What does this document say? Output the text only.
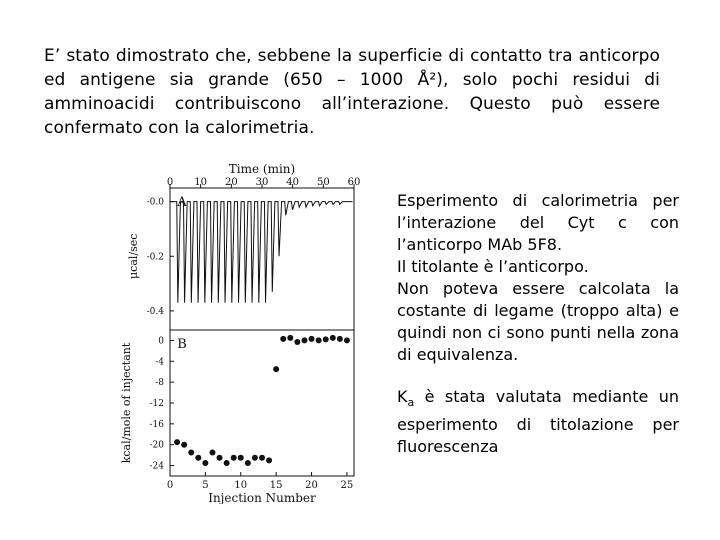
E’ stato dimostrato che, sebbene la superficie di contatto tra anticorpo ed antigene sia grande (650 – 1000 Å²), solo pochi residui di amminoacidi contribuiscono all’interazione. Questo può essere confermato con la calorimetria.
Time (min)
0 10 20 30 40 50 60
-0.0
-0.2
-0.4
A
μcal/sec
0
-4
-8
-12
-16
-20
-24
0	5	10 15 20 25
Injection Number
B
kcal/mole of injectant

Esperimento di calorimetria per l’interazione del Cyt c con l’anticorpo MAb 5F8.

Il titolante è l’anticorpo.

Non poteva essere calcolata la costante di legame (troppo alta) e quindi non ci sono punti nella zona di equivalenza.

$K_a$ è stata valutata mediante un esperimento di titolazione per fluorescenza
